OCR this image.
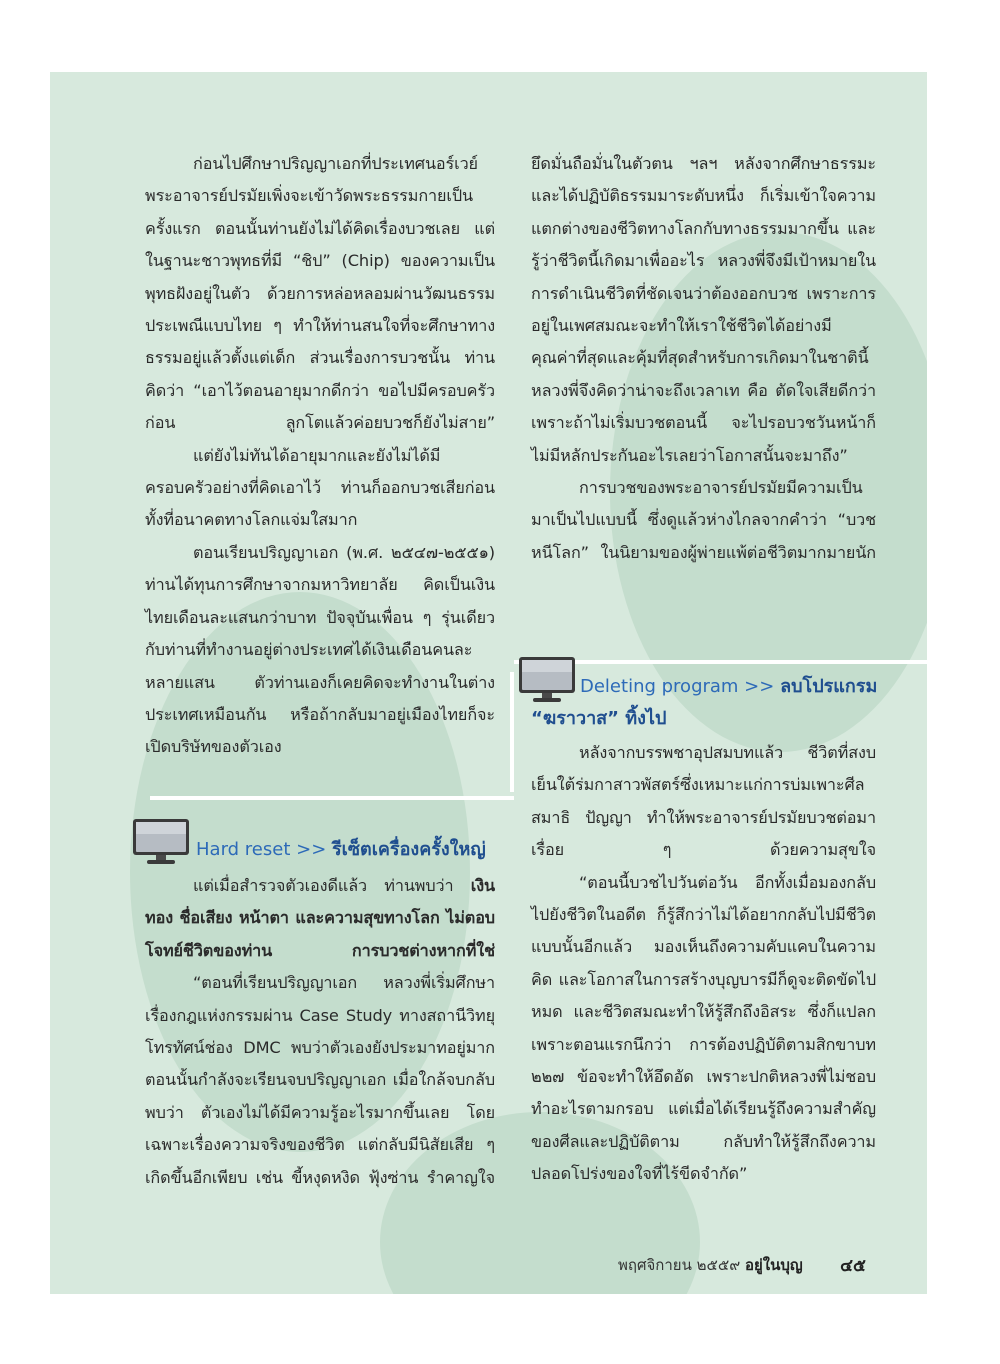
ก่อนไปศึกษาปริญญาเอกที่ประเทศนอร์เวย์ พระอาจารย์ปรมัยเพิ่งจะเข้าวัดพระธรรมกายเป็นครั้งแรก ตอนนั้นท่านยังไม่ได้คิดเรื่องบวชเลย แต่ในฐานะชาวพุทธที่มี “ชิป” (Chip) ของความเป็นพุทธฝังอยู่ในตัว ด้วยการหล่อหลอมผ่านวัฒนธรรมประเพณีแบบไทย ๆ ทำให้ท่านสนใจที่จะศึกษาทางธรรมอยู่แล้วตั้งแต่เด็ก ส่วนเรื่องการบวชนั้น ท่านคิดว่า “เอาไว้ตอนอายุมากดีกว่า ขอไปมีครอบครัวก่อน ลูกโตแล้วค่อยบวชก็ยังไม่สาย”

แต่ยังไม่ทันได้อายุมากและยังไม่ได้มีครอบครัวอย่างที่คิดเอาไว้ ท่านก็ออกบวชเสียก่อน ทั้งที่อนาคตทางโลกแจ่มใสมาก

ตอนเรียนปริญญาเอก (พ.ศ. ๒๕๔๗-๒๕๕๑) ท่านได้ทุนการศึกษาจากมหาวิทยาลัย คิดเป็นเงินไทยเดือนละแสนกว่าบาท ปัจจุบันเพื่อน ๆ รุ่นเดียวกับท่านที่ทำงานอยู่ต่างประเทศได้เงินเดือนคนละหลายแสน ตัวท่านเองก็เคยคิดจะทำงานในต่างประเทศเหมือนกัน หรือถ้ากลับมาอยู่เมืองไทยก็จะเปิดบริษัทของตัวเอง

Hard reset >> รีเซ็ตเครื่องครั้งใหญ่

แต่เมื่อสำรวจตัวเองดีแล้ว ท่านพบว่า เงินทอง ชื่อเสียง หน้าตา และความสุขทางโลก ไม่ตอบโจทย์ชีวิตของท่าน การบวชต่างหากที่ใช่

“ตอนที่เรียนปริญญาเอก หลวงพี่เริ่มศึกษาเรื่องกฎแห่งกรรมผ่าน Case Study ทางสถานีวิทยุโทรทัศน์ช่อง DMC พบว่าตัวเองยังประมาทอยู่มาก ตอนนั้นกำลังจะเรียนจบปริญญาเอก เมื่อใกล้จบกลับพบว่า ตัวเองไม่ได้มีความรู้อะไรมากขึ้นเลย โดยเฉพาะเรื่องความจริงของชีวิต แต่กลับมีนิสัยเสีย ๆ เกิดขึ้นอีกเพียบ เช่น ขี้หงุดหงิด ฟุ้งซ่าน รำคาญใจ

ยึดมั่นถือมั่นในตัวตน ฯลฯ หลังจากศึกษาธรรมะ และได้ปฏิบัติธรรมมาระดับหนึ่ง ก็เริ่มเข้าใจความแตกต่างของชีวิตทางโลกกับทางธรรมมากขึ้น และรู้ว่าชีวิตนี้เกิดมาเพื่ออะไร หลวงพี่จึงมีเป้าหมายในการดำเนินชีวิตที่ชัดเจนว่าต้องออกบวช เพราะการอยู่ในเพศสมณะจะทำให้เราใช้ชีวิตได้อย่างมีคุณค่าที่สุดและคุ้มที่สุดสำหรับการเกิดมาในชาตินี้ หลวงพี่จึงคิดว่าน่าจะถึงเวลาเท คือ ตัดใจเสียดีกว่า เพราะถ้าไม่เริ่มบวชตอนนี้ จะไปรอบวชวันหน้าก็ไม่มีหลักประกันอะไรเลยว่าโอกาสนั้นจะมาถึง”

การบวชของพระอาจารย์ปรมัยมีความเป็นมาเป็นไปแบบนี้ ซึ่งดูแล้วห่างไกลจากคำว่า “บวชหนีโลก” ในนิยามของผู้พ่ายแพ้ต่อชีวิตมากมายนัก

Deleting program >> ลบโปรแกรม
“ฆราวาส” ทิ้งไป

หลังจากบรรพชาอุปสมบทแล้ว ชีวิตที่สงบเย็นใต้ร่มกาสาวพัสตร์ซึ่งเหมาะแก่การบ่มเพาะศีล สมาธิ ปัญญา ทำให้พระอาจารย์ปรมัยบวชต่อมาเรื่อย ๆ ด้วยความสุขใจ

“ตอนนี้บวชไปวันต่อวัน อีกทั้งเมื่อมองกลับไปยังชีวิตในอดีต ก็รู้สึกว่าไม่ได้อยากกลับไปมีชีวิตแบบนั้นอีกแล้ว มองเห็นถึงความคับแคบในความคิด และโอกาสในการสร้างบุญบารมีก็ดูจะติดขัดไปหมด และชีวิตสมณะทำให้รู้สึกถึงอิสระ ซึ่งก็แปลกเพราะตอนแรกนึกว่า การต้องปฏิบัติตามสิกขาบท ๒๒๗ ข้อจะทำให้อึดอัด เพราะปกติหลวงพี่ไม่ชอบทำอะไรตามกรอบ แต่เมื่อได้เรียนรู้ถึงความสำคัญของศีลและปฏิบัติตาม กลับทำให้รู้สึกถึงความปลอดโปร่งของใจที่ไร้ขีดจำกัด”

พฤศจิกายน ๒๕๕๙ อยู่ในบุญ	๔๕
